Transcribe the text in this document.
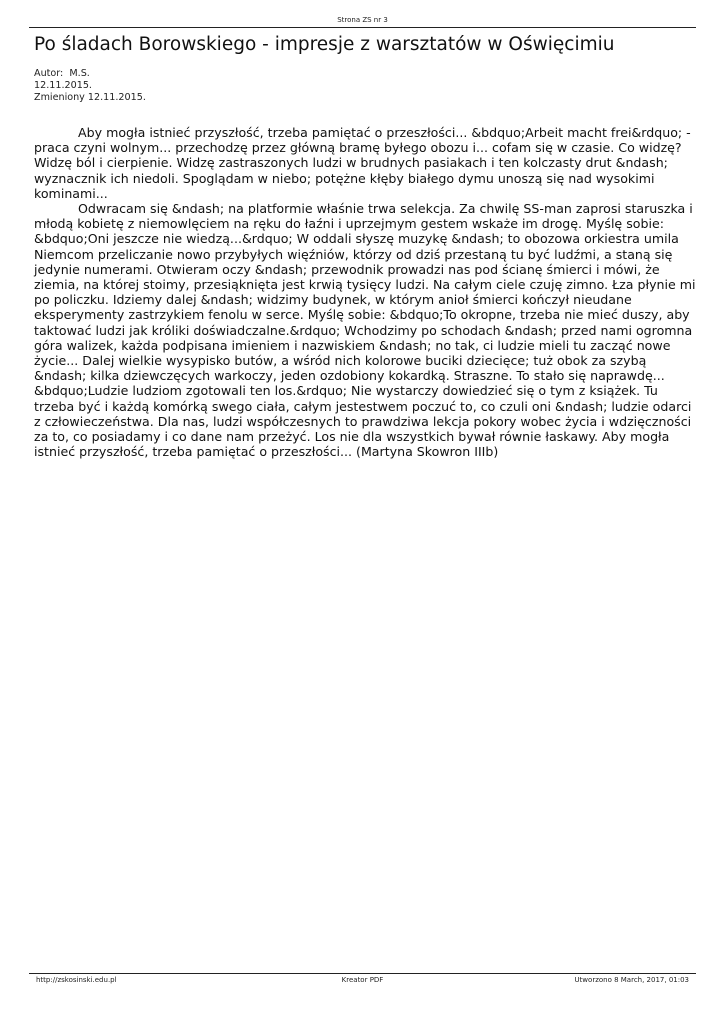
Strona ZS nr 3
Po śladach Borowskiego - impresje z warsztatów w Oświęcimiu
Autor:  M.S.
12.11.2015.
Zmieniony 12.11.2015.

Aby mogła istnieć przyszłość, trzeba pamiętać o przeszłości... &bdquo;Arbeit macht frei&rdquo; - praca czyni wolnym... przechodzę przez główną bramę byłego obozu i... cofam się w czasie. Co widzę? Widzę ból i cierpienie. Widzę zastraszonych ludzi w brudnych pasiakach i ten kolczasty drut &ndash; wyznacznik ich niedoli. Spoglądam w niebo; potężne kłęby białego dymu unoszą się nad wysokimi kominami...

Odwracam się &ndash; na platformie właśnie trwa selekcja. Za chwilę SS-man zaprosi staruszka i młodą kobietę z niemowlęciem na ręku do łaźni i uprzejmym gestem wskaże im drogę. Myślę sobie: &bdquo;Oni jeszcze nie wiedzą...&rdquo; W oddali słyszę muzykę &ndash; to obozowa orkiestra umila Niemcom przeliczanie nowo przybyłych więźniów, którzy od dziś przestaną tu być ludźmi, a staną się jedynie numerami. Otwieram oczy &ndash; przewodnik prowadzi nas pod ścianę śmierci i mówi, że ziemia, na której stoimy, przesiąknięta jest krwią tysięcy ludzi. Na całym ciele czuję zimno. Łza płynie mi po policzku. Idziemy dalej &ndash; widzimy budynek, w którym anioł śmierci kończył nieudane eksperymenty zastrzykiem fenolu w serce. Myślę sobie: &bdquo;To okropne, trzeba nie mieć duszy, aby taktować ludzi jak króliki doświadczalne.&rdquo; Wchodzimy po schodach &ndash; przed nami ogromna góra walizek, każda podpisana imieniem i nazwiskiem &ndash; no tak, ci ludzie mieli tu zacząć nowe życie... Dalej wielkie wysypisko butów, a wśród nich kolorowe buciki dziecięce; tuż obok za szybą &ndash; kilka dziewczęcych warkoczy, jeden ozdobiony kokardką. Straszne. To stało się naprawdę... &bdquo;Ludzie ludziom zgotowali ten los.&rdquo; Nie wystarczy dowiedzieć się o tym z książek. Tu trzeba być i każdą komórką swego ciała, całym jestestwem poczuć to, co czuli oni &ndash; ludzie odarci z człowieczeństwa. Dla nas, ludzi współczesnych to prawdziwa lekcja pokory wobec życia i wdzięczności za to, co posiadamy i co dane nam przeżyć. Los nie dla wszystkich bywał równie łaskawy. Aby mogła istnieć przyszłość, trzeba pamiętać o przeszłości... (Martyna Skowron IIIb)

http://zskosinski.edu.pl	Kreator PDF	Utworzono 8 March, 2017, 01:03
